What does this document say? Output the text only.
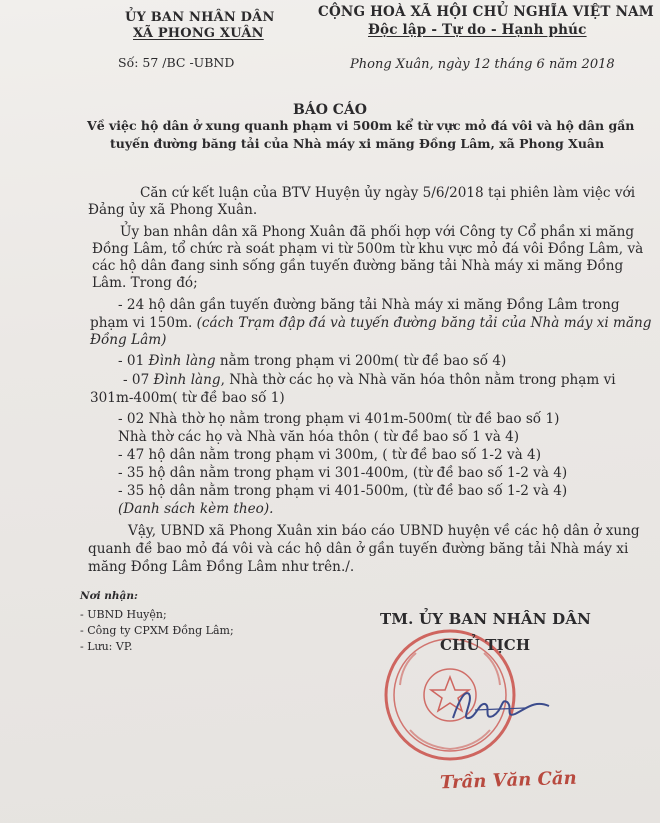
ỦY BAN NHÂN DÂN
XÃ PHONG XUÂN
CỘNG HOÀ XÃ HỘI CHỦ NGHĨA VIỆT NAM
Độc lập - Tự do - Hạnh phúc
Số: 57 /BC -UBND	Phong Xuân, ngày 12 tháng 6 năm 2018
BÁO CÁO
Về việc hộ dân ở xung quanh phạm vi 500m kể từ vực mỏ đá vôi và hộ dân gần
tuyến đường băng tải của Nhà máy xi măng Đồng Lâm, xã Phong Xuân
Căn cứ kết luận của BTV Huyện ủy ngày 5/6/2018 tại phiên làm việc với
Đảng ủy xã Phong Xuân.
Ủy ban nhân dân xã Phong Xuân đã phối hợp với Công ty Cổ phần xi măng
Đồng Lâm, tổ chức rà soát phạm vi từ 500m từ khu vực mỏ đá vôi Đồng Lâm, và
các hộ dân đang sinh sống gần tuyến đường băng tải Nhà máy xi măng Đồng
Lâm. Trong đó;
- 24 hộ dân gần tuyến đường băng tải Nhà máy xi măng Đồng Lâm trong
phạm vi 150m. (cách Trạm đập đá và tuyến đường băng tải của Nhà máy xi măng
Đồng Lâm)
- 01 Đình làng nằm trong phạm vi 200m( từ đề bao số 4)
- 07 Đình làng, Nhà thờ các họ và Nhà văn hóa thôn nằm trong phạm vi
301m-400m( từ đề bao số 1)
- 02 Nhà thờ họ nằm trong phạm vi 401m-500m( từ đề bao số 1)
Nhà thờ các họ và Nhà văn hóa thôn ( từ đề bao số 1 và 4)
- 47 hộ dân nằm trong phạm vi 300m, ( từ đề bao số 1-2 và 4)
- 35 hộ dân nằm trong phạm vi 301-400m, (từ đề bao số 1-2 và 4)
- 35 hộ dân nằm trong phạm vi 401-500m, (từ đề bao số 1-2 và 4)
(Danh sách kèm theo).
Vậy, UBND xã Phong Xuân xin báo cáo UBND huyện về các hộ dân ở xung
quanh đề bao mỏ đá vôi và các hộ dân ở gần tuyến đường băng tải Nhà máy xi
măng Đồng Lâm Đồng Lâm như trên./.
Nơi nhận:
- UBND Huyện;
- Công ty CPXM Đồng Lâm;
- Lưu: VP.
TM. ỦY BAN NHÂN DÂN
CHỦ TỊCH
Trần Văn Căn
